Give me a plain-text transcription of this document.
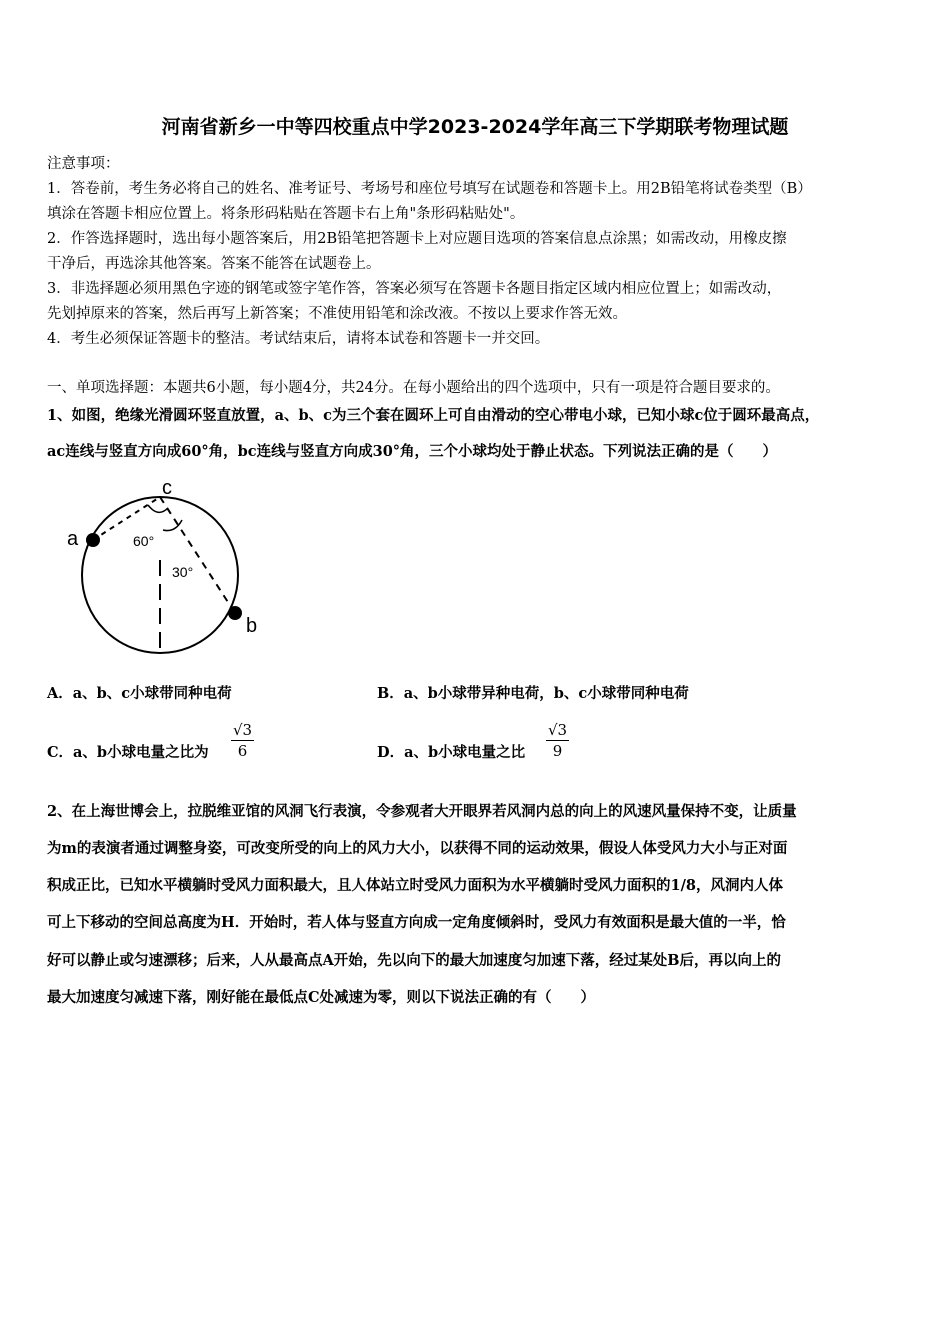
河南省新乡一中等四校重点中学2023-2024学年高三下学期联考物理试题
注意事项：
1．答卷前，考生务必将自己的姓名、准考证号、考场号和座位号填写在试题卷和答题卡上。用2B铅笔将试卷类型（B）
填涂在答题卡相应位置上。将条形码粘贴在答题卡右上角"条形码粘贴处"。
2．作答选择题时，选出每小题答案后，用2B铅笔把答题卡上对应题目选项的答案信息点涂黑；如需改动，用橡皮擦
干净后，再选涂其他答案。答案不能答在试题卷上。
3．非选择题必须用黑色字迹的钢笔或签字笔作答，答案必须写在答题卡各题目指定区域内相应位置上；如需改动，
先划掉原来的答案，然后再写上新答案；不准使用铅笔和涂改液。不按以上要求作答无效。
4．考生必须保证答题卡的整洁。考试结束后，请将本试卷和答题卡一并交回。
一、单项选择题：本题共6小题，每小题4分，共24分。在每小题给出的四个选项中，只有一项是符合题目要求的。
1、如图，绝缘光滑圆环竖直放置，a、b、c为三个套在圆环上可自由滑动的空心带电小球，已知小球c位于圆环最高点，
ac连线与竖直方向成60°角，bc连线与竖直方向成30°角，三个小球均处于静止状态。下列说法正确的是（　　）
a
b
c
60°
30°
A．a、b、c小球带同种电荷	B．a、b小球带异种电荷，b、c小球带同种电荷
C．a、b小球电量之比为 $\frac{√3}{6}$	D．a、b小球电量之比 $\frac{√3}{9}$
2、在上海世博会上，拉脱维亚馆的风洞飞行表演，令参观者大开眼界若风洞内总的向上的风速风量保持不变，让质量
为m的表演者通过调整身姿，可改变所受的向上的风力大小，以获得不同的运动效果，假设人体受风力大小与正对面
积成正比，已知水平横躺时受风力面积最大，且人体站立时受风力面积为水平横躺时受风力面积的1/8，风洞内人体
可上下移动的空间总高度为H．开始时，若人体与竖直方向成一定角度倾斜时，受风力有效面积是最大值的一半，恰
好可以静止或匀速漂移；后来，人从最高点A开始，先以向下的最大加速度匀加速下落，经过某处B后，再以向上的
最大加速度匀减速下落，刚好能在最低点C处减速为零，则以下说法正确的有（　　）
